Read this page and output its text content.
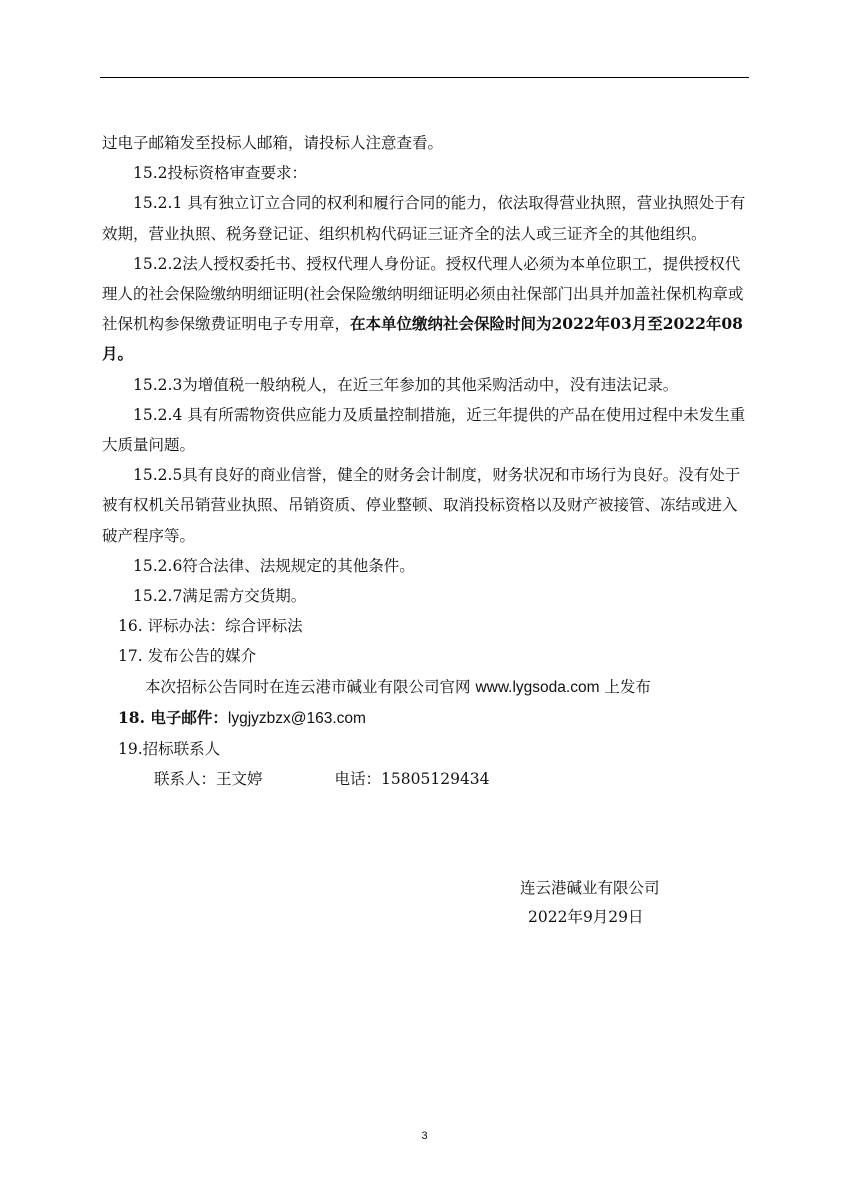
过电子邮箱发至投标人邮箱，请投标人注意查看。

15.2投标资格审查要求：

15.2.1 具有独立订立合同的权利和履行合同的能力，依法取得营业执照，营业执照处于有效期，营业执照、税务登记证、组织机构代码证三证齐全的法人或三证齐全的其他组织。

15.2.2法人授权委托书、授权代理人身份证。授权代理人必须为本单位职工，提供授权代理人的社会保险缴纳明细证明(社会保险缴纳明细证明必须由社保部门出具并加盖社保机构章或社保机构参保缴费证明电子专用章，在本单位缴纳社会保险时间为2022年03月至2022年08月。

15.2.3为增值税一般纳税人，在近三年参加的其他采购活动中，没有违法记录。

15.2.4 具有所需物资供应能力及质量控制措施，近三年提供的产品在使用过程中未发生重大质量问题。

15.2.5具有良好的商业信誉，健全的财务会计制度，财务状况和市场行为良好。没有处于被有权机关吊销营业执照、吊销资质、停业整顿、取消投标资格以及财产被接管、冻结或进入破产程序等。

15.2.6符合法律、法规规定的其他条件。

15.2.7满足需方交货期。

16. 评标办法：综合评标法

17. 发布公告的媒介

本次招标公告同时在连云港市碱业有限公司官网 www.lygsoda.com 上发布

18. 电子邮件：lygjyzbzx@163.com

19.招标联系人

联系人：王文婷	电话：15805129434

连云港碱业有限公司
2022年9月29日
3
